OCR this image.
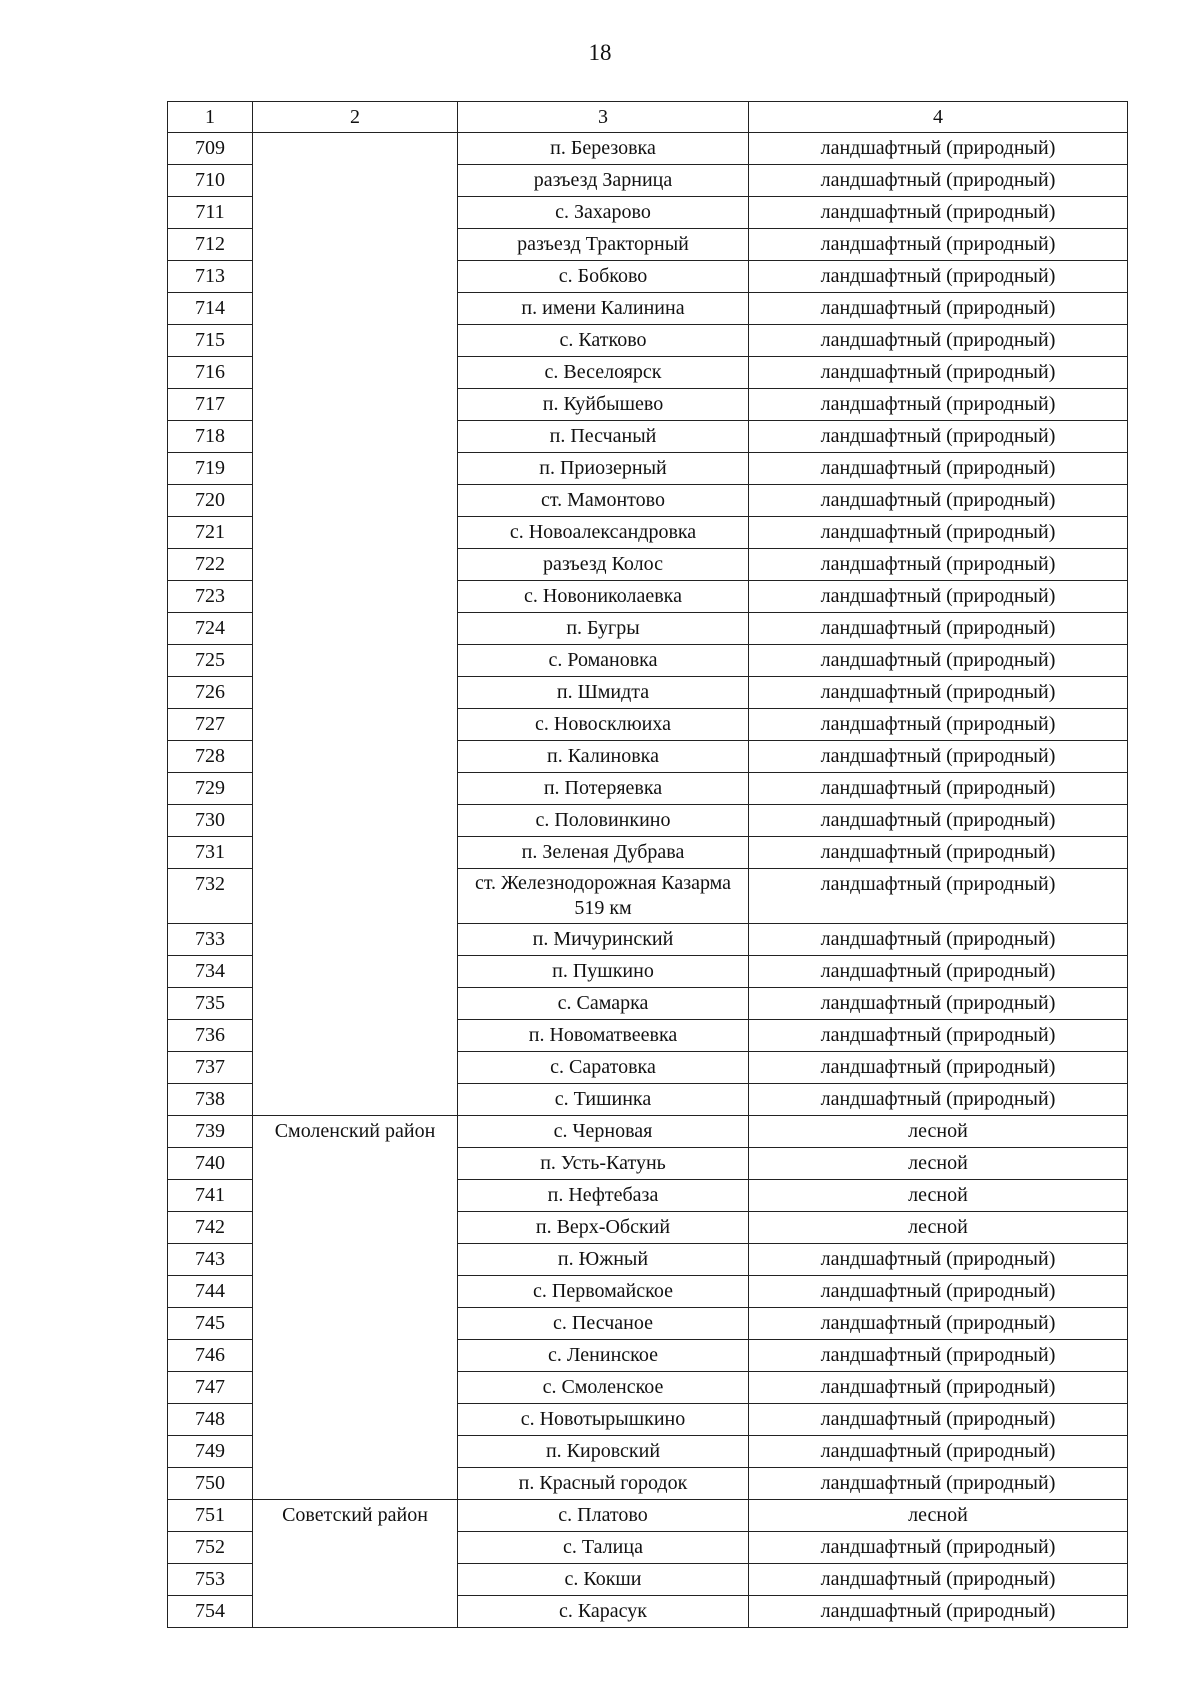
18
1	2	3	4
709		п. Березовка	ландшафтный (природный)
710		разъезд Зарница	ландшафтный (природный)
711		с. Захарово	ландшафтный (природный)
712		разъезд Тракторный	ландшафтный (природный)
713		с. Бобково	ландшафтный (природный)
714		п. имени Калинина	ландшафтный (природный)
715		с. Катково	ландшафтный (природный)
716		с. Веселоярск	ландшафтный (природный)
717		п. Куйбышево	ландшафтный (природный)
718		п. Песчаный	ландшафтный (природный)
719		п. Приозерный	ландшафтный (природный)
720		ст. Мамонтово	ландшафтный (природный)
721		с. Новоалександровка	ландшафтный (природный)
722		разъезд Колос	ландшафтный (природный)
723		с. Новониколаевка	ландшафтный (природный)
724		п. Бугры	ландшафтный (природный)
725		с. Романовка	ландшафтный (природный)
726		п. Шмидта	ландшафтный (природный)
727		с. Новосклюиха	ландшафтный (природный)
728		п. Калиновка	ландшафтный (природный)
729		п. Потеряевка	ландшафтный (природный)
730		с. Половинкино	ландшафтный (природный)
731		п. Зеленая Дубрава	ландшафтный (природный)
732		ст. Железнодорожная Казарма 519 км	ландшафтный (природный)
733		п. Мичуринский	ландшафтный (природный)
734		п. Пушкино	ландшафтный (природный)
735		с. Самарка	ландшафтный (природный)
736		п. Новоматвеевка	ландшафтный (природный)
737		с. Саратовка	ландшафтный (природный)
738		с. Тишинка	ландшафтный (природный)
739	Смоленский район	с. Черновая	лесной
740		п. Усть-Катунь	лесной
741		п. Нефтебаза	лесной
742		п. Верх-Обский	лесной
743		п. Южный	ландшафтный (природный)
744		с. Первомайское	ландшафтный (природный)
745		с. Песчаное	ландшафтный (природный)
746		с. Ленинское	ландшафтный (природный)
747		с. Смоленское	ландшафтный (природный)
748		с. Новотырышкино	ландшафтный (природный)
749		п. Кировский	ландшафтный (природный)
750		п. Красный городок	ландшафтный (природный)
751	Советский район	с. Платово	лесной
752		с. Талица	ландшафтный (природный)
753		с. Кокши	ландшафтный (природный)
754		с. Карасук	ландшафтный (природный)
